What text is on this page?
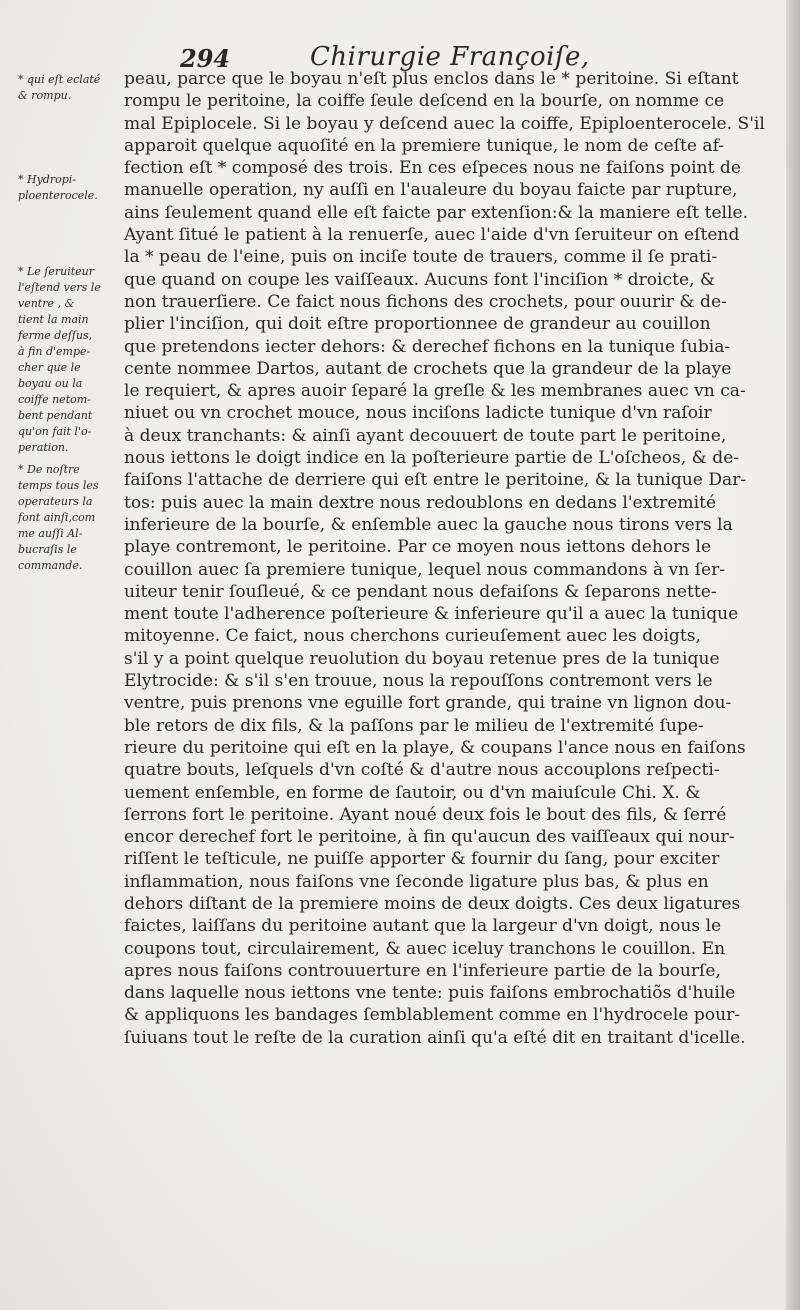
294	Chirurgie Françoiſe,
* qui eſt eclaté
& rompu.
* Hydropi-
ploenterocele.
* Le ſeruiteur
l'eſtend vers le
ventre , &
tient la main
ferme deſſus,
à fin d'empe-
cher que le
boyau ou la
coiffe netom-
bent pendant
qu'on fait l'o-
peration.
* De noſtre
temps tous les
operateurs la
font ainſi,com
me auſſi Al-
bucraſis le
commande.
peau, parce que le boyau n'eſt plus enclos dans le * peritoine. Si eſtant
rompu le peritoine, la coiffe ſeule deſcend en la bourſe, on nomme ce
mal Epiplocele. Si le boyau y deſcend auec la coiffe, Epiploenterocele. S'il
apparoit quelque aquoſité en la premiere tunique, le nom de ceſte af-
fection eſt * composé des trois. En ces eſpeces nous ne faiſons point de
manuelle operation, ny auſſi en l'aualeure du boyau faicte par rupture,
ains ſeulement quand elle eſt faicte par extenſion:& la maniere eſt telle.
Ayant ſitué le patient à la renuerſe, auec l'aide d'vn ſeruiteur on eſtend
la * peau de l'eine, puis on inciſe toute de trauers, comme il ſe prati-
que quand on coupe les vaiſſeaux. Aucuns font l'inciſion * droicte, &
non trauerſiere. Ce faict nous fichons des crochets, pour ouurir & de-
plier l'inciſion, qui doit eſtre proportionnee de grandeur au couillon
que pretendons iecter dehors: & derechef fichons en la tunique ſubia-
cente nommee Dartos, autant de crochets que la grandeur de la playe
le requiert, & apres auoir ſeparé la greſle & les membranes auec vn ca-
niuet ou vn crochet mouce, nous inciſons ladicte tunique d'vn raſoir
à deux tranchants: & ainſi ayant decouuert de toute part le peritoine,
nous iettons le doigt indice en la poſterieure partie de L'oſcheos, & de-
faiſons l'attache de derriere qui eſt entre le peritoine, & la tunique Dar-
tos: puis auec la main dextre nous redoublons en dedans l'extremité
inferieure de la bourſe, & enſemble auec la gauche nous tirons vers la
playe contremont, le peritoine. Par ce moyen nous iettons dehors le
couillon auec ſa premiere tunique, lequel nous commandons à vn ſer-
uiteur tenir ſouſleué, & ce pendant nous defaiſons & ſeparons nette-
ment toute l'adherence poſterieure & inferieure qu'il a auec la tunique
mitoyenne. Ce faict, nous cherchons curieuſement auec les doigts,
s'il y a point quelque reuolution du boyau retenue pres de la tunique
Elytrocide: & s'il s'en trouue, nous la repouſſons contremont vers le
ventre, puis prenons vne eguille fort grande, qui traine vn lignon dou-
ble retors de dix fils, & la paſſons par le milieu de l'extremité ſupe-
rieure du peritoine qui eſt en la playe, & coupans l'ance nous en faiſons
quatre bouts, leſquels d'vn coſté & d'autre nous accouplons reſpecti-
uement enſemble, en forme de ſautoir, ou d'vn maiuſcule Chi. X. &
ſerrons fort le peritoine. Ayant noué deux fois le bout des fils, & ſerré
encor derechef fort le peritoine, à fin qu'aucun des vaiſſeaux qui nour-
riſſent le teſticule, ne puiſſe apporter & fournir du ſang, pour exciter
inflammation, nous faiſons vne ſeconde ligature plus bas, & plus en
dehors diſtant de la premiere moins de deux doigts. Ces deux ligatures
faictes, laiſſans du peritoine autant que la largeur d'vn doigt, nous le
coupons tout, circulairement, & auec iceluy tranchons le couillon. En
apres nous faiſons controuuerture en l'inferieure partie de la bourſe,
dans laquelle nous iettons vne tente: puis faiſons embrochatiõs d'huile
& appliquons les bandages ſemblablement comme en l'hydrocele pour-
ſuiuans tout le reſte de la curation ainſi qu'a eſté dit en traitant d'icelle.
